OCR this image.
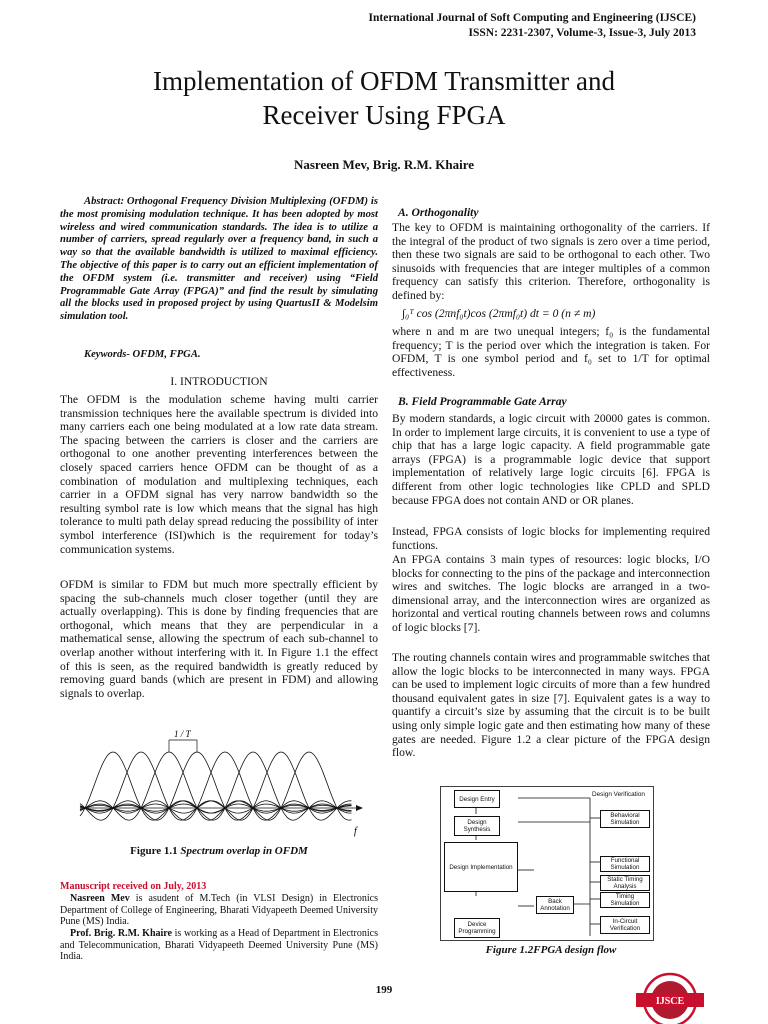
International Journal of Soft Computing and Engineering (IJSCE)
ISSN: 2231-2307, Volume-3, Issue-3, July 2013
Implementation of OFDM Transmitter and
Receiver Using FPGA
Nasreen Mev, Brig. R.M. Khaire
Abstract: Orthogonal Frequency Division Multiplexing (OFDM) is the most promising modulation technique. It has been adopted by most wireless and wired communication standards. The idea is to utilize a number of carriers, spread regularly over a frequency band, in such a way so that the available bandwidth is utilized to maximal efficiency. The objective of this paper is to carry out an efficient implementation of the OFDM system (i.e. transmitter and receiver) using “Field Programmable Gate Array (FPGA)” and find the result by simulating all the blocks used in proposed project by using QuartusII & Modelsim simulation tool.
Keywords- OFDM, FPGA.
I. INTRODUCTION
The OFDM is the modulation scheme having multi carrier transmission techniques here the available spectrum is divided into many carriers each one being modulated at a low rate data stream. The spacing between the carriers is closer and the carriers are orthogonal to one another preventing interferences between the closely spaced carriers hence OFDM can be thought of as a combination of modulation and multiplexing techniques, each carrier in a OFDM signal has very narrow bandwidth so the resulting symbol rate is low which means that the signal has high tolerance to multi path delay spread reducing the possibility of inter symbol interference (ISI)which is the requirement for today’s communication systems.
OFDM is similar to FDM but much more spectrally efficient by spacing the sub-channels much closer together (until they are actually overlapping). This is done by finding frequencies that are orthogonal, which means that they are perpendicular in a mathematical sense, allowing the spectrum of each sub-channel to overlap another without interfering with it. In Figure 1.1 the effect of this is seen, as the required bandwidth is greatly reduced by removing guard bands (which are present in FDM) and allowing signals to overlap.
1 / T
f
Figure 1.1 Spectrum overlap in OFDM
Manuscript received on July, 2013
Nasreen Mev is asudent of M.Tech (in VLSI Design) in Electronics Department of College of Engineering, Bharati Vidyapeeth Deemed University Pune (MS) India.
Prof. Brig. R.M. Khaire is working as a Head of Department in Electronics and Telecommunication, Bharati Vidyapeeth Deemed University Pune (MS) India.
A. Orthogonality
The key to OFDM is maintaining orthogonality of the carriers. If the integral of the product of two signals is zero over a time period, then these two signals are said to be orthogonal to each other. Two sinusoids with frequencies that are integer multiples of a common frequency can satisfy this criterion. Therefore, orthogonality is defined by:
∫₀ᵀ cos (2πnf₀t)cos (2πmf₀t) dt = 0 (n ≠ m)
where n and m are two unequal integers; f₀ is the fundamental frequency; T is the period over which the integration is taken. For OFDM, T is one symbol period and f₀ set to 1/T for optimal effectiveness.
B. Field Programmable Gate Array
By modern standards, a logic circuit with 20000 gates is common. In order to implement large circuits, it is convenient to use a type of chip that has a large logic capacity. A field programmable gate arrays (FPGA) is a programmable logic device that support implementation of relatively large logic circuits [6]. FPGA is different from other logic technologies like CPLD and SPLD because FPGA does not contain AND or OR planes.
Instead, FPGA consists of logic blocks for implementing required functions.
An FPGA contains 3 main types of resources: logic blocks, I/O blocks for connecting to the pins of the package and interconnection wires and switches. The logic blocks are arranged in a two-dimensional array, and the interconnection wires are organized as horizontal and vertical routing channels between rows and columns of logic blocks [7].
The routing channels contain wires and programmable switches that allow the logic blocks to be interconnected in many ways. FPGA can be used to implement logic circuits of more than a few hundred thousand equivalent gates in size [7]. Equivalent gates is a way to quantify a circuit’s size by assuming that the circuit is to be built using only simple logic gate and then estimating how many of these gates are needed. Figure 1.2 a clear picture of the FPGA design flow.
Design Entry
Design Synthesis
Design Implementation
Device Programming
Back Annotation
Design Verification
Behavioral Simulation
Functional Simulation
Static Timing Analysis
Timing Simulation
In-Circuit Verification
Figure 1.2FPGA design flow
199
IJSCE
